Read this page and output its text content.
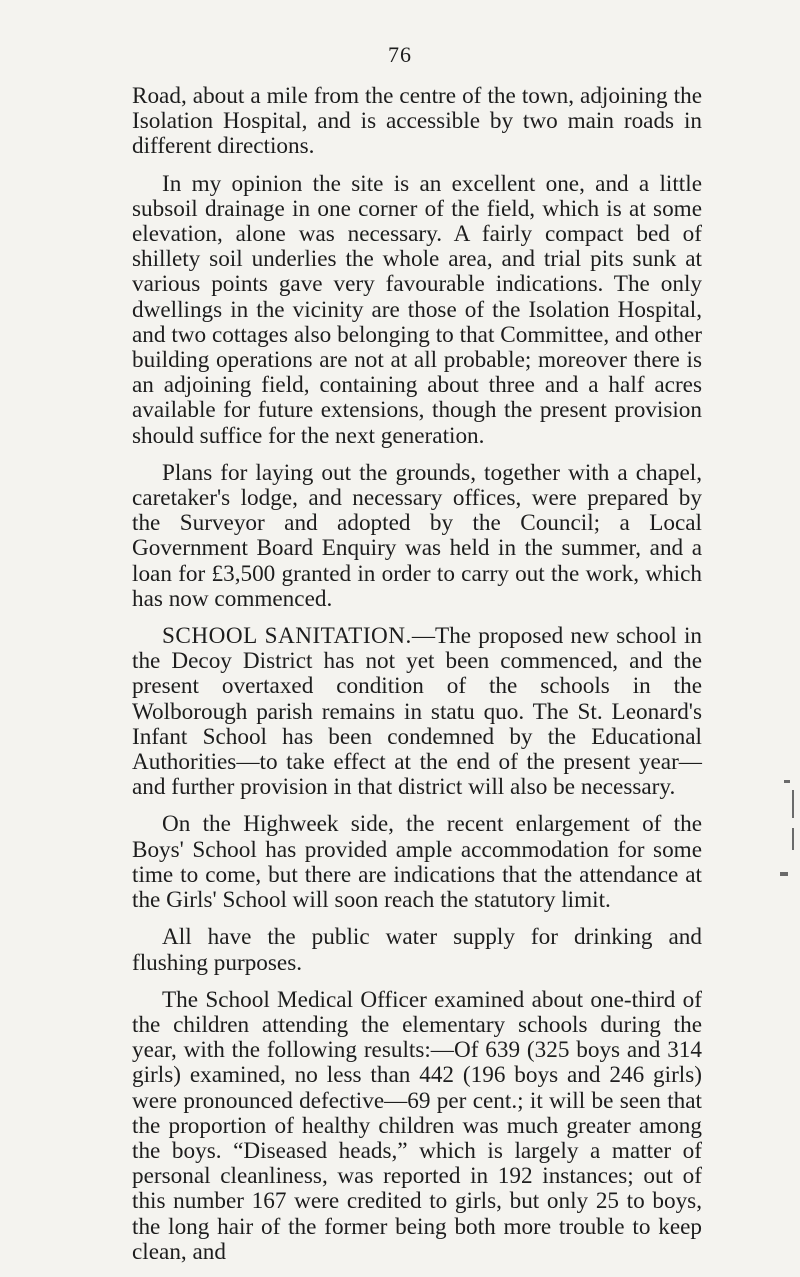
76

Road, about a mile from the centre of the town, adjoining the Isolation Hospital, and is accessible by two main roads in different directions.

In my opinion the site is an excellent one, and a little subsoil drainage in one corner of the field, which is at some elevation, alone was necessary. A fairly compact bed of shillety soil underlies the whole area, and trial pits sunk at various points gave very favourable indications. The only dwellings in the vicinity are those of the Isolation Hospital, and two cottages also belonging to that Committee, and other building operations are not at all probable; moreover there is an adjoining field, containing about three and a half acres available for future extensions, though the present provision should suffice for the next generation.

Plans for laying out the grounds, together with a chapel, caretaker's lodge, and necessary offices, were prepared by the Surveyor and adopted by the Council; a Local Government Board Enquiry was held in the summer, and a loan for £3,500 granted in order to carry out the work, which has now commenced.

SCHOOL SANITATION.—The proposed new school in the Decoy District has not yet been commenced, and the present overtaxed condition of the schools in the Wolborough parish remains in statu quo. The St. Leonard's Infant School has been condemned by the Educational Authorities—to take effect at the end of the present year—and further provision in that district will also be necessary.

On the Highweek side, the recent enlargement of the Boys' School has provided ample accommodation for some time to come, but there are indications that the attendance at the Girls' School will soon reach the statutory limit.

All have the public water supply for drinking and flushing purposes.

The School Medical Officer examined about one-third of the children attending the elementary schools during the year, with the following results:—Of 639 (325 boys and 314 girls) examined, no less than 442 (196 boys and 246 girls) were pronounced defective—69 per cent.; it will be seen that the proportion of healthy children was much greater among the boys. “Diseased heads,” which is largely a matter of personal cleanliness, was reported in 192 instances; out of this number 167 were credited to girls, but only 25 to boys, the long hair of the former being both more trouble to keep clean, and
